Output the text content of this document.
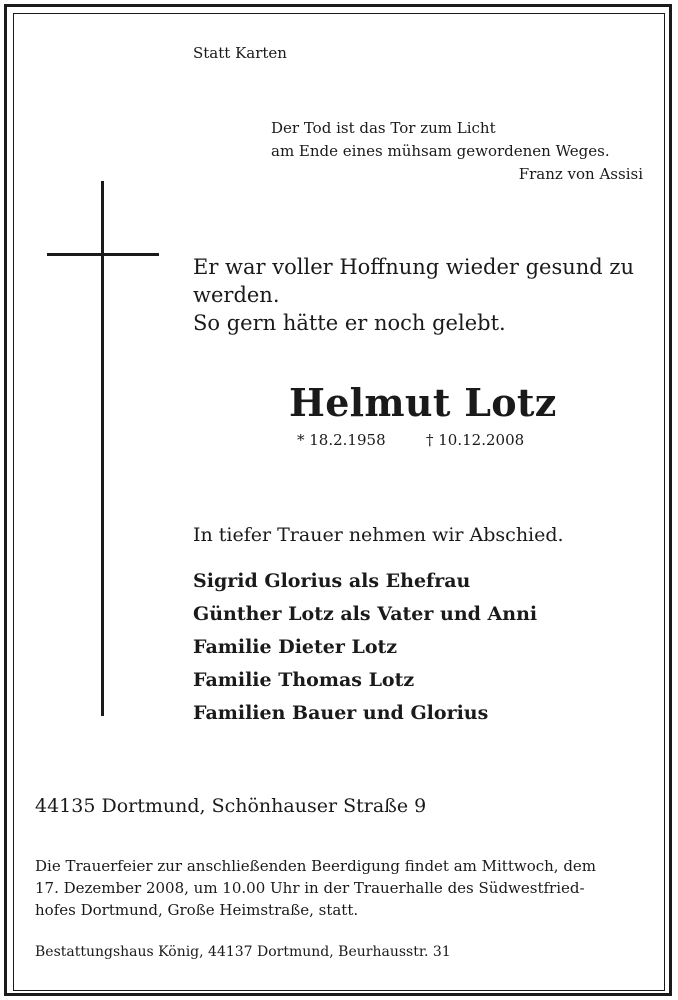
Statt Karten
Der Tod ist das Tor zum Licht
am Ende eines mühsam gewordenen Weges.
Franz von Assisi
Er war voller Hoffnung wieder gesund zu
werden.
So gern hätte er noch gelebt.
Helmut Lotz
* 18.2.1958	† 10.12.2008
In tiefer Trauer nehmen wir Abschied.
Sigrid Glorius als Ehefrau
Günther Lotz als Vater und Anni
Familie Dieter Lotz
Familie Thomas Lotz
Familien Bauer und Glorius
44135 Dortmund, Schönhauser Straße 9
Die Trauerfeier zur anschließenden Beerdigung findet am Mittwoch, dem
17. Dezember 2008, um 10.00 Uhr in der Trauerhalle des Südwestfried-
hofes Dortmund, Große Heimstraße, statt.
Bestattungshaus König, 44137 Dortmund, Beurhausstr. 31
